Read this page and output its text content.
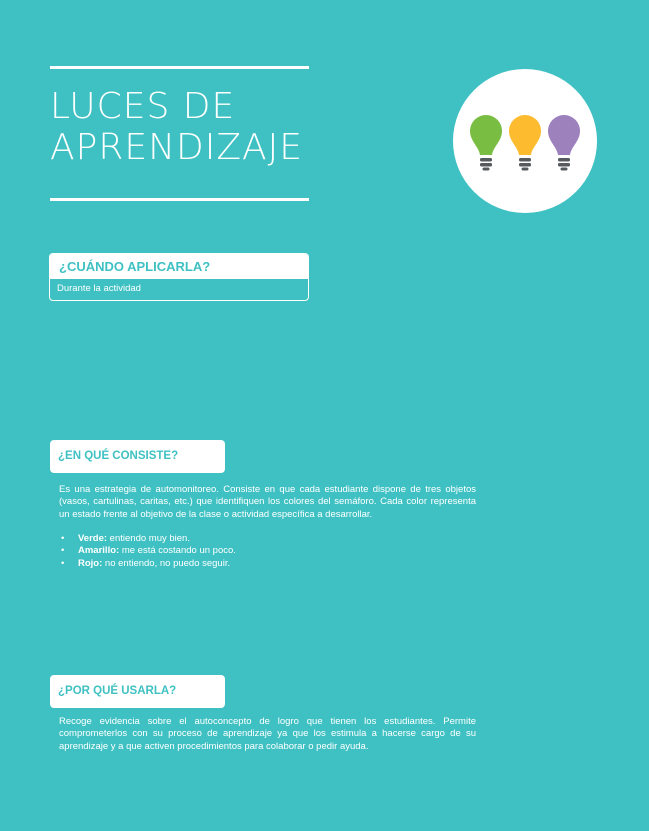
LUCES DE
APRENDIZAJE
¿CUÁNDO APLICARLA?
Durante la actividad
¿EN QUÉ CONSISTE?
Es una estrategia de automonitoreo. Consiste en que cada estudiante dispone de tres objetos (vasos, cartulinas, caritas, etc.) que identifiquen los colores del semáforo. Cada color representa un estado frente al objetivo de la clase o actividad específica a desarrollar.
• Verde: entiendo muy bien.
• Amarillo: me está costando un poco.
• Rojo: no entiendo, no puedo seguir.
¿POR QUÉ USARLA?
Recoge evidencia sobre el autoconcepto de logro que tienen los estudiantes. Permite comprometerlos con su proceso de aprendizaje ya que los estimula a hacerse cargo de su aprendizaje y a que activen procedimientos para colaborar o pedir ayuda.
